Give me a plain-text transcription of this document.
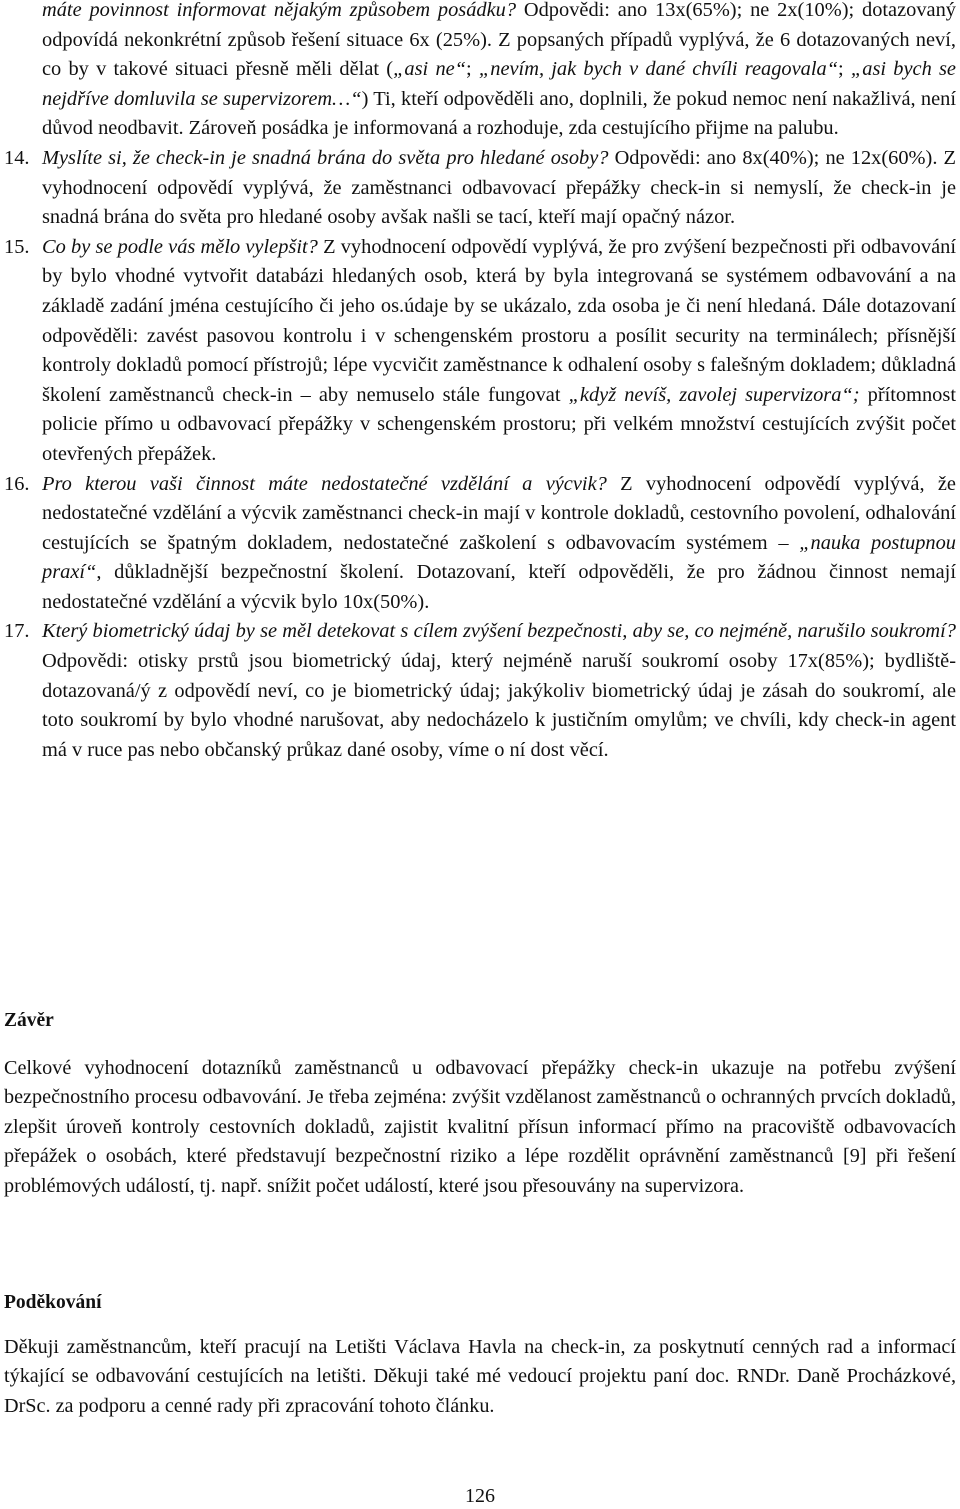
máte povinnost informovat nějakým způsobem posádku? Odpovědi: ano 13x(65%); ne 2x(10%); dotazovaný odpovídá nekonkrétní způsob řešení situace 6x (25%). Z popsaných případů vyplývá, že 6 dotazovaných neví, co by v takové situaci přesně měli dělat („asi ne“; „nevím, jak bych v dané chvíli reagovala“; „asi bych se nejdříve domluvila se supervizorem…“) Ti, kteří odpověděli ano, doplnili, že pokud nemoc není nakažlivá, není důvod neodbavit. Zároveň posádka je informovaná a rozhoduje, zda cestujícího přijme na palubu.
14. Myslíte si, že check-in je snadná brána do světa pro hledané osoby? Odpovědi: ano 8x(40%); ne 12x(60%). Z vyhodnocení odpovědí vyplývá, že zaměstnanci odbavovací přepážky check-in si nemyslí, že check-in je snadná brána do světa pro hledané osoby avšak našli se tací, kteří mají opačný názor.
15. Co by se podle vás mělo vylepšit? Z vyhodnocení odpovědí vyplývá, že pro zvýšení bezpečnosti při odbavování by bylo vhodné vytvořit databázi hledaných osob, která by byla integrovaná se systémem odbavování a na základě zadání jména cestujícího či jeho os.údaje by se ukázalo, zda osoba je či není hledaná. Dále dotazovaní odpověděli: zavést pasovou kontrolu i v schengenském prostoru a posílit security na terminálech; přísnější kontroly dokladů pomocí přístrojů; lépe vycvičit zaměstnance k odhalení osoby s falešným dokladem; důkladná školení zaměstnanců check-in – aby nemuselo stále fungovat „když nevíš, zavolej supervizora“; přítomnost policie přímo u odbavovací přepážky v schengenském prostoru; při velkém množství cestujících zvýšit počet otevřených přepážek.
16. Pro kterou vaši činnost máte nedostatečné vzdělání a výcvik? Z vyhodnocení odpovědí vyplývá, že nedostatečné vzdělání a výcvik zaměstnanci check-in mají v kontrole dokladů, cestovního povolení, odhalování cestujících se špatným dokladem, nedostatečné zaškolení s odbavovacím systémem – „nauka postupnou praxí“, důkladnější bezpečnostní školení. Dotazovaní, kteří odpověděli, že pro žádnou činnost nemají nedostatečné vzdělání a výcvik bylo 10x(50%).
17. Který biometrický údaj by se měl detekovat s cílem zvýšení bezpečnosti, aby se, co nejméně, narušilo soukromí? Odpovědi: otisky prstů jsou biometrický údaj, který nejméně naruší soukromí osoby 17x(85%); bydliště-dotazovaná/ý z odpovědí neví, co je biometrický údaj; jakýkoliv biometrický údaj je zásah do soukromí, ale toto soukromí by bylo vhodné narušovat, aby nedocházelo k justičním omylům; ve chvíli, kdy check-in agent má v ruce pas nebo občanský průkaz dané osoby, víme o ní dost věcí.
Závěr
Celkové vyhodnocení dotazníků zaměstnanců u odbavovací přepážky check-in ukazuje na potřebu zvýšení bezpečnostního procesu odbavování. Je třeba zejména: zvýšit vzdělanost zaměstnanců o ochranných prvcích dokladů, zlepšit úroveň kontroly cestovních dokladů, zajistit kvalitní přísun informací přímo na pracoviště odbavovacích přepážek o osobách, které představují bezpečnostní riziko a lépe rozdělit oprávnění zaměstnanců [9] při řešení problémových událostí, tj. např. snížit počet událostí, které jsou přesouvány na supervizora.
Poděkování
Děkuji zaměstnancům, kteří pracují na Letišti Václava Havla na check-in, za poskytnutí cenných rad a informací týkající se odbavování cestujících na letišti. Děkuji také mé vedoucí projektu paní doc. RNDr. Daně Procházkové, DrSc. za podporu a cenné rady při zpracování tohoto článku.
126
